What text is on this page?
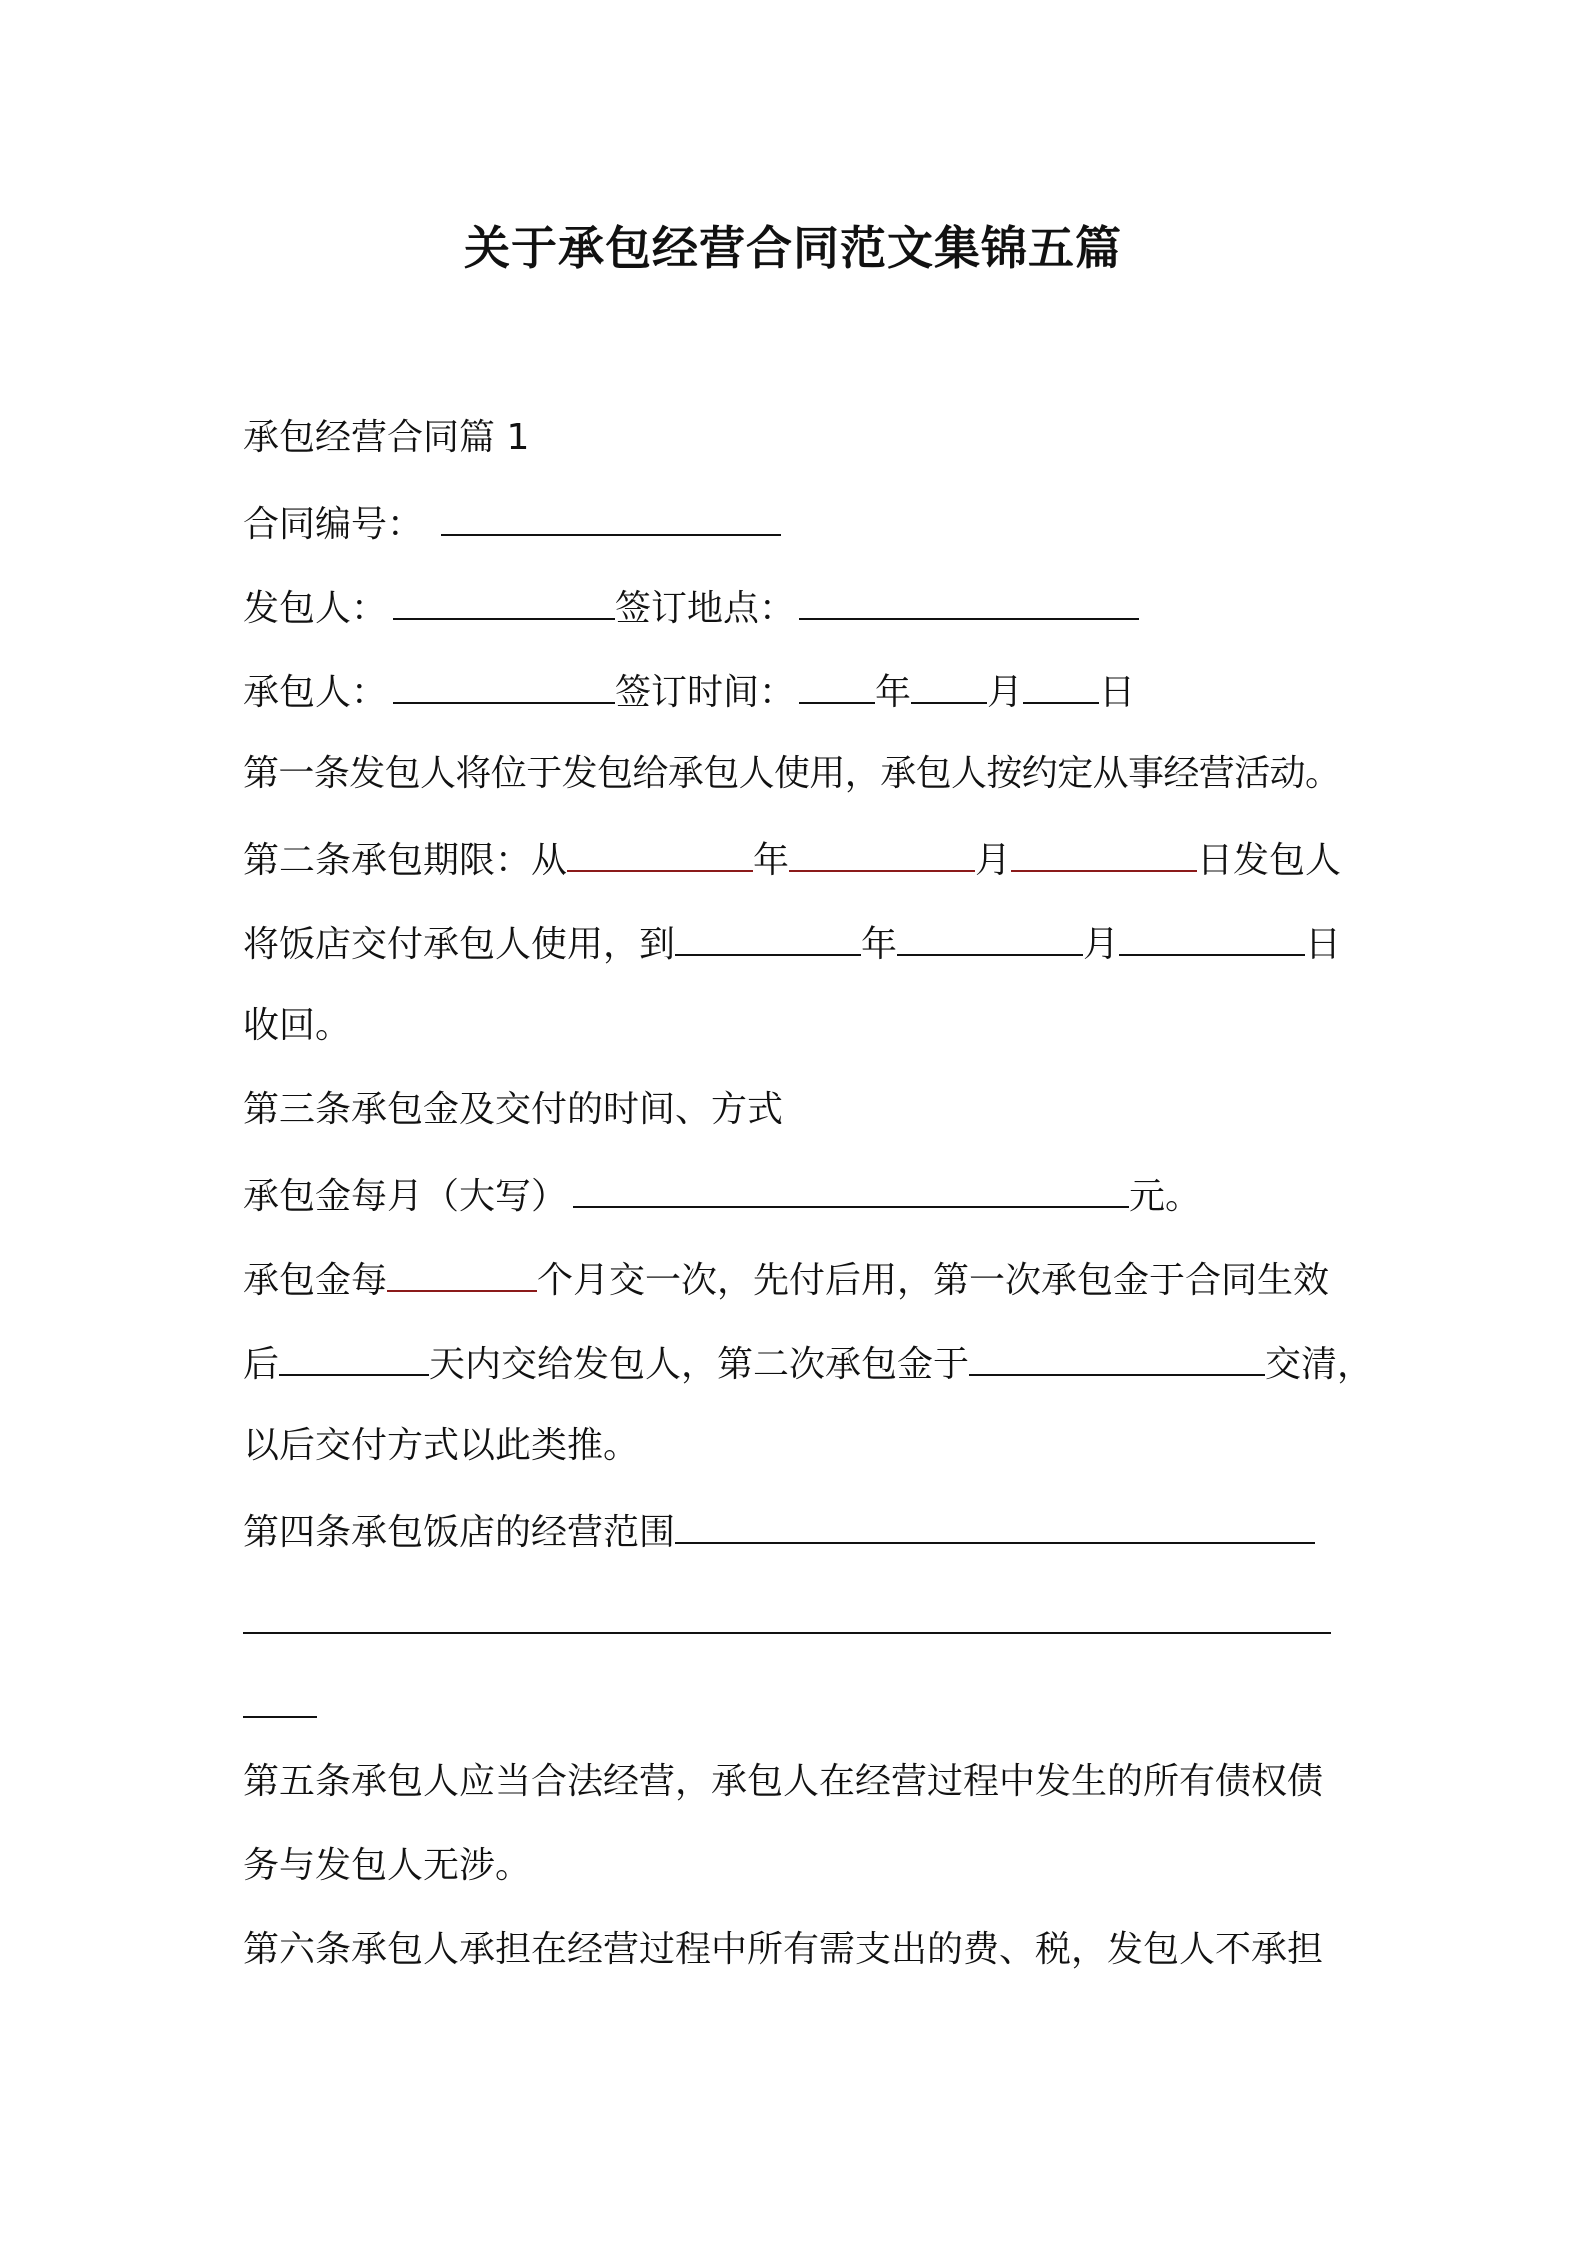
关于承包经营合同范文集锦五篇
承包经营合同篇 1
合同编号：
发包人：	签订地点：
承包人：	签订时间： 年 月 日
第一条发包人将位于发包给承包人使用，承包人按约定从事经营活动。
第二条承包期限：从	年	月	日发包人
将饭店交付承包人使用，到	年	月	日
收回。
第三条承包金及交付的时间、方式
承包金每月（大写）	元。
承包金每	个月交一次，先付后用，第一次承包金于合同生效
后	天内交给发包人，第二次承包金于	交清，
以后交付方式以此类推。
第四条承包饭店的经营范围
第五条承包人应当合法经营，承包人在经营过程中发生的所有债权债
务与发包人无涉。
第六条承包人承担在经营过程中所有需支出的费、税，发包人不承担
